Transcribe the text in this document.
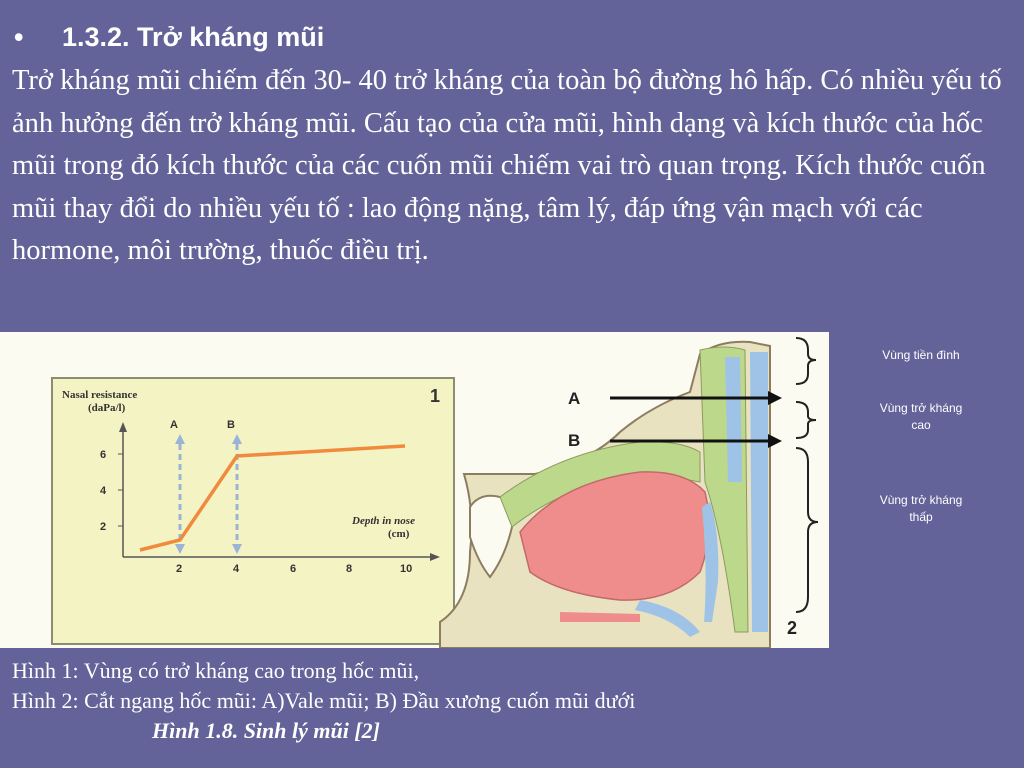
• 1.3.2. Trở kháng mũi
Trở kháng mũi chiếm đến 30- 40 trở kháng của toàn bộ đường hô hấp. Có nhiều yếu tố ảnh hưởng đến trở kháng mũi. Cấu tạo của cửa mũi, hình dạng và kích thước của hốc mũi trong đó kích thước của các cuốn mũi chiếm vai trò quan trọng. Kích thước cuốn mũi thay đổi do nhiều yếu tố : lao động nặng, tâm lý, đáp ứng vận mạch với các hormone, môi trường, thuốc điều trị.
1
Nasal resistance
(daPa/l)
6
4
2
2	4	6	8	10
Depth in nose
(cm)
A	B
A
B
2
Vùng tiền đình
Vùng trở kháng
cao
Vùng trở kháng
thấp
Hình 1: Vùng có trở kháng cao trong hốc mũi,
Hình 2: Cắt ngang hốc mũi: A)Vale mũi; B) Đầu xương cuốn mũi dưới
Hình 1.8. Sinh lý mũi [2]
